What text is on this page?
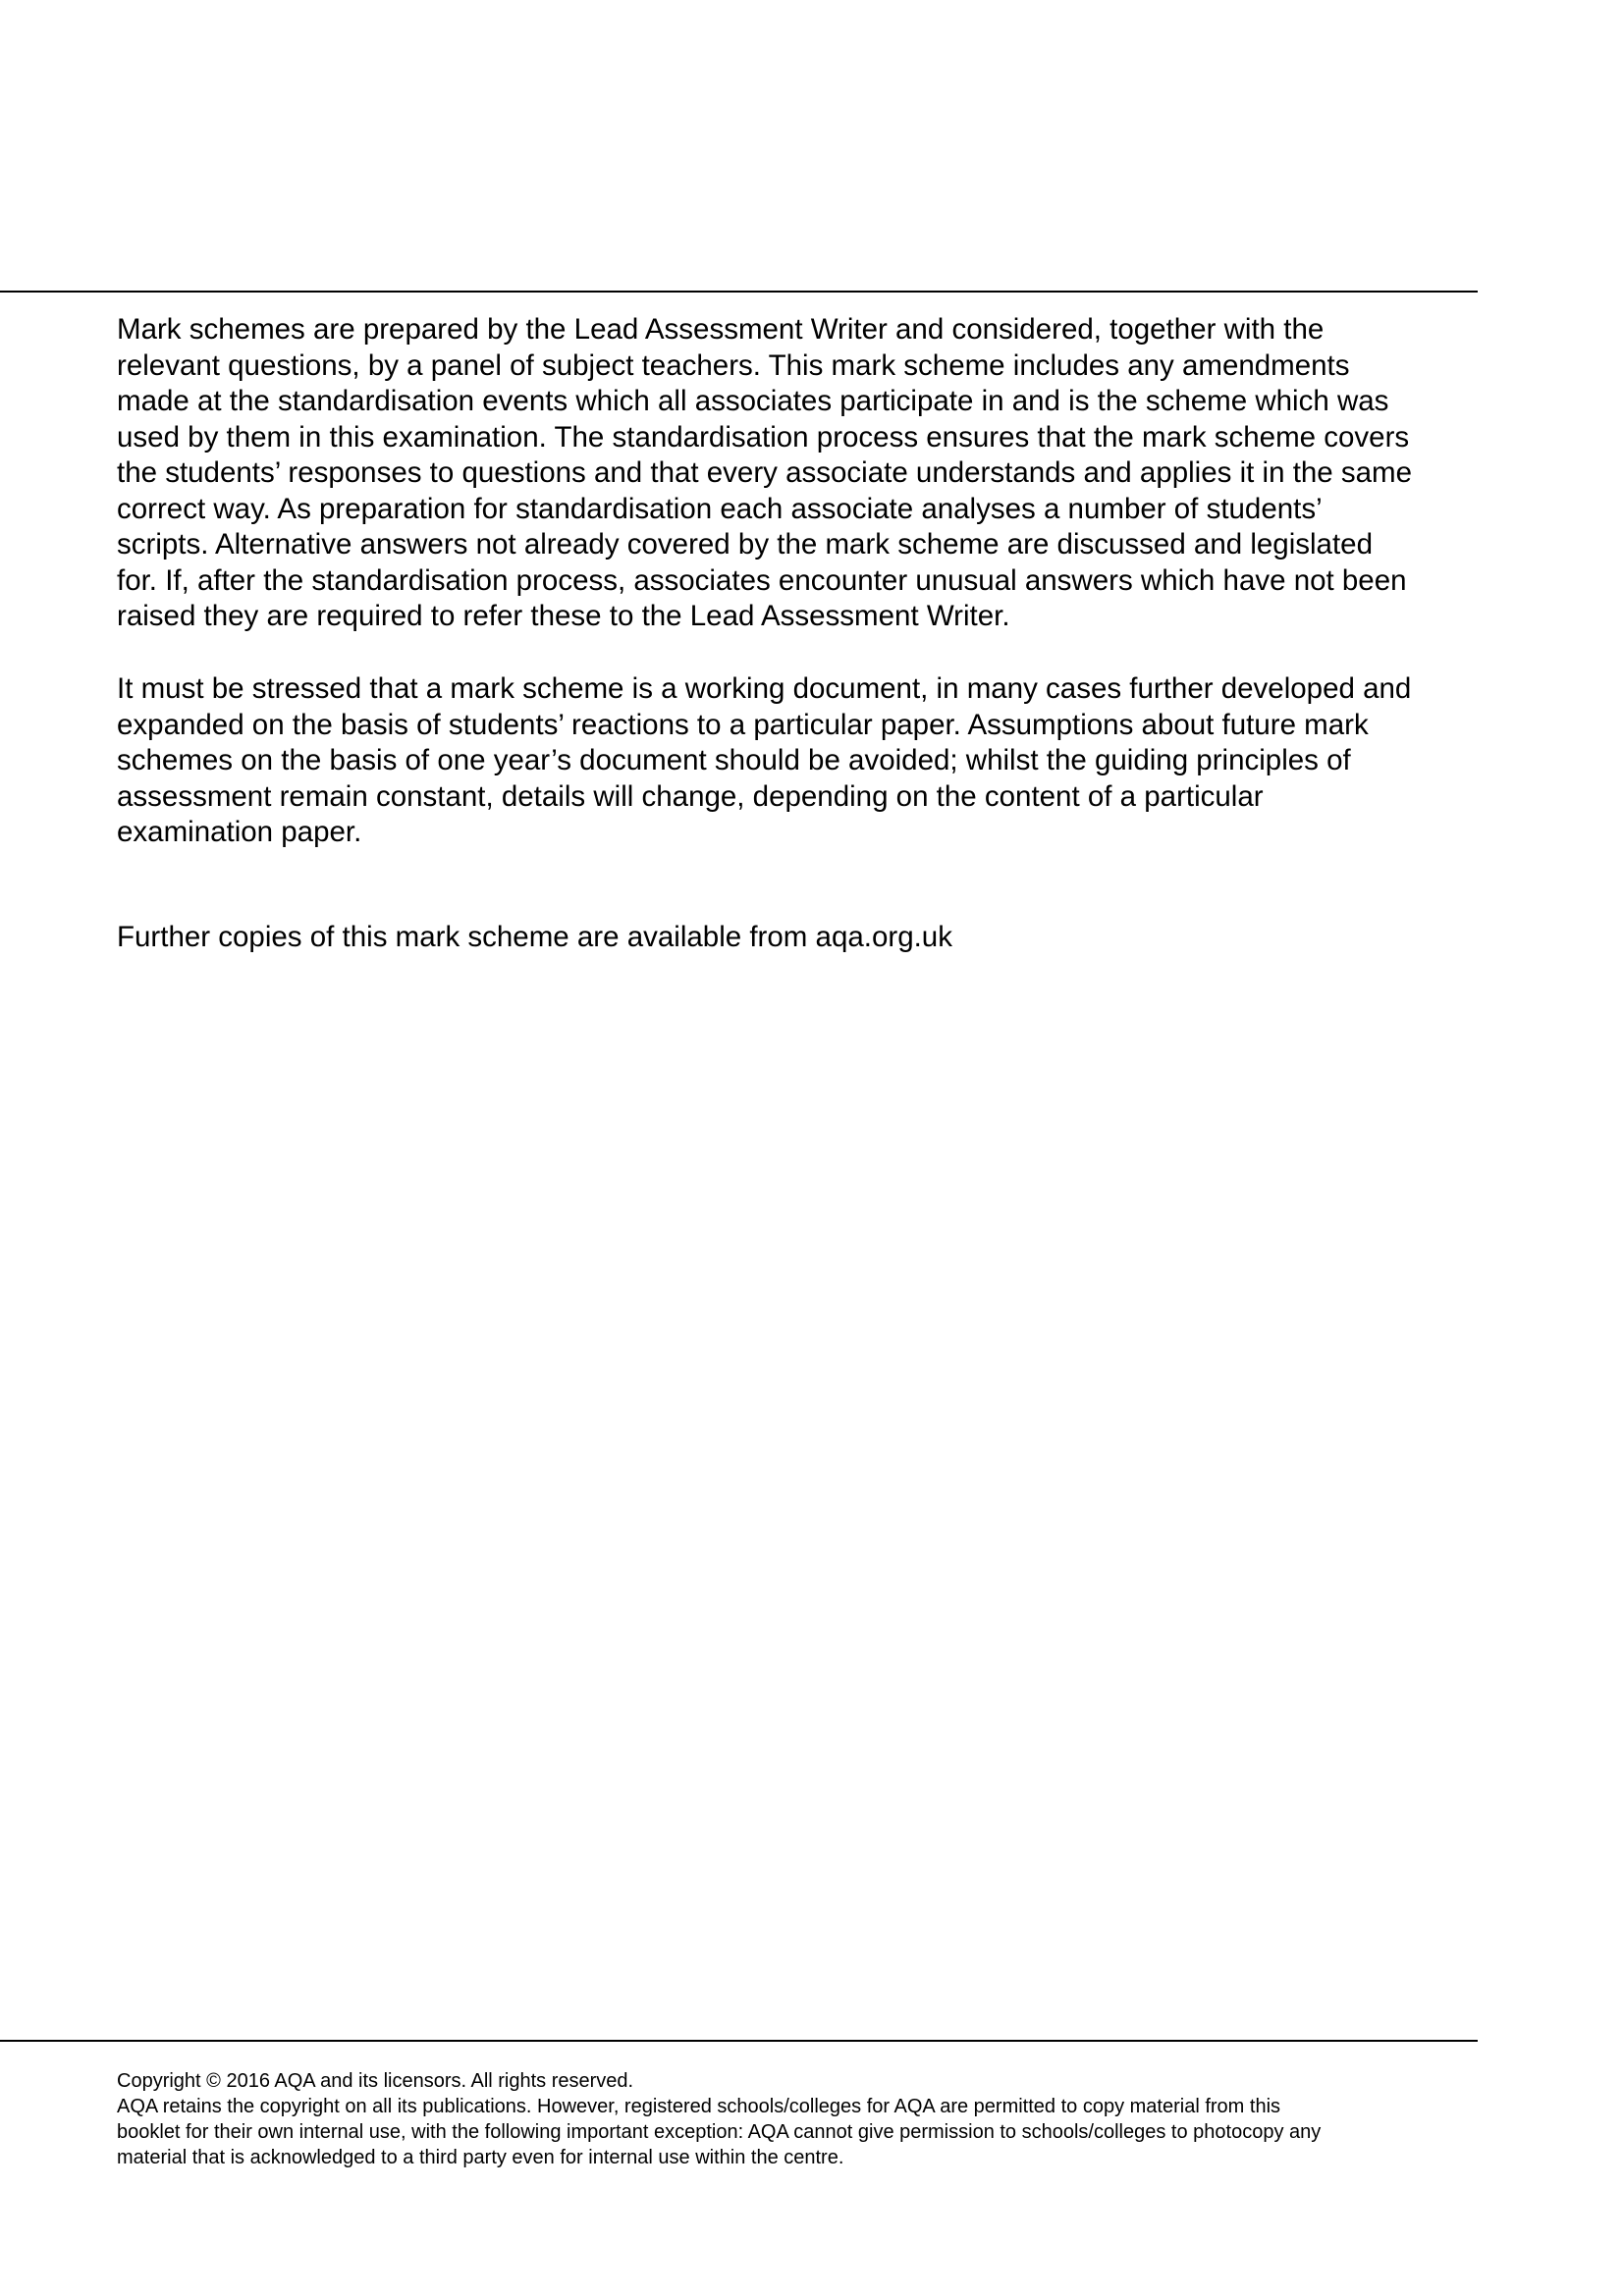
Mark schemes are prepared by the Lead Assessment Writer and considered, together with the
relevant questions, by a panel of subject teachers. This mark scheme includes any amendments
made at the standardisation events which all associates participate in and is the scheme which was
used by them in this examination. The standardisation process ensures that the mark scheme covers
the students’ responses to questions and that every associate understands and applies it in the same
correct way. As preparation for standardisation each associate analyses a number of students’
scripts. Alternative answers not already covered by the mark scheme are discussed and legislated
for. If, after the standardisation process, associates encounter unusual answers which have not been
raised they are required to refer these to the Lead Assessment Writer.

It must be stressed that a mark scheme is a working document, in many cases further developed and
expanded on the basis of students’ reactions to a particular paper. Assumptions about future mark
schemes on the basis of one year’s document should be avoided; whilst the guiding principles of
assessment remain constant, details will change, depending on the content of a particular
examination paper.

Further copies of this mark scheme are available from aqa.org.uk

Copyright © 2016 AQA and its licensors. All rights reserved.
AQA retains the copyright on all its publications. However, registered schools/colleges for AQA are permitted to copy material from this
booklet for their own internal use, with the following important exception: AQA cannot give permission to schools/colleges to photocopy any
material that is acknowledged to a third party even for internal use within the centre.
